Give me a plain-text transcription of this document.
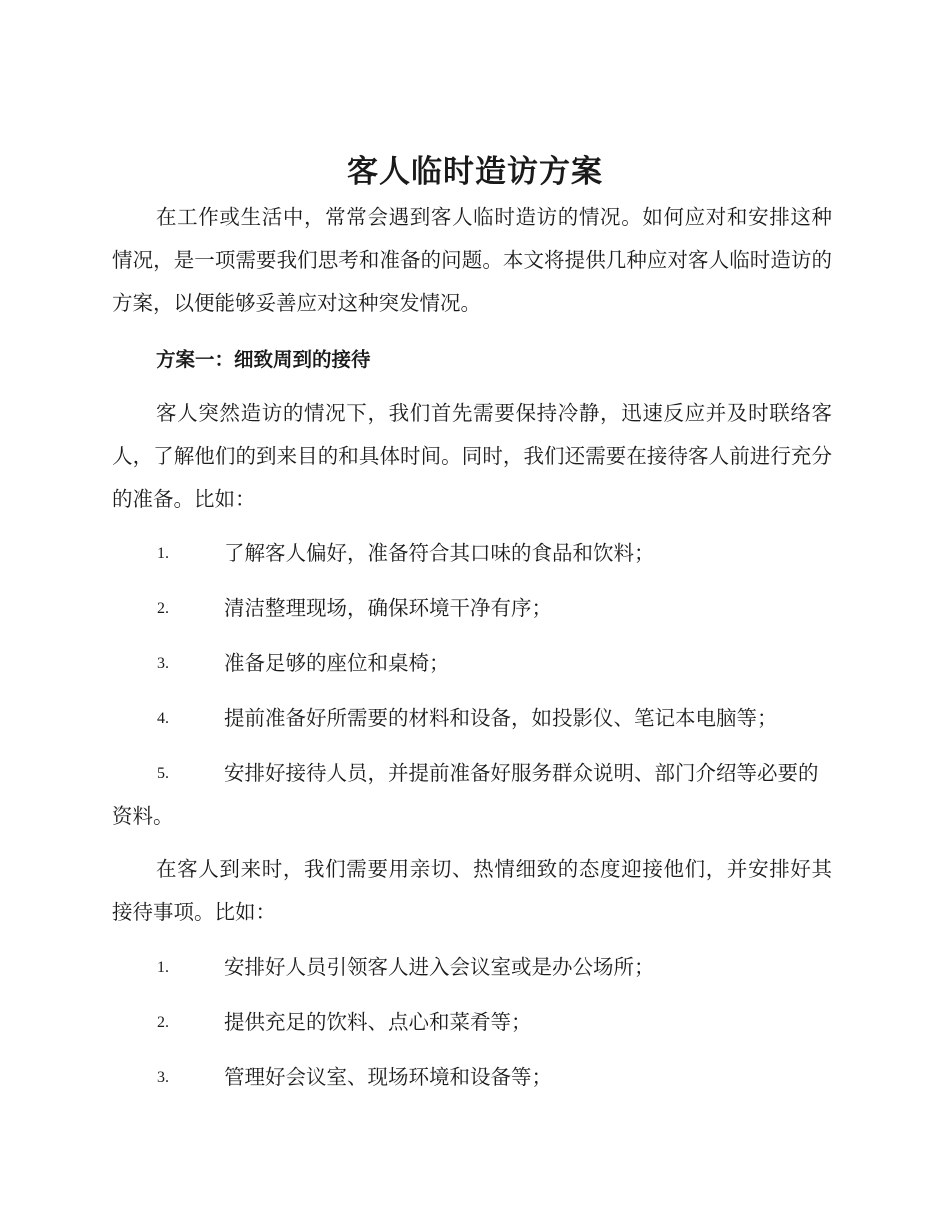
客人临时造访方案

在工作或生活中，常常会遇到客人临时造访的情况。如何应对和安排这种情况，是一项需要我们思考和准备的问题。本文将提供几种应对客人临时造访的方案，以便能够妥善应对这种突发情况。

方案一：细致周到的接待

客人突然造访的情况下，我们首先需要保持冷静，迅速反应并及时联络客人，了解他们的到来目的和具体时间。同时，我们还需要在接待客人前进行充分的准备。比如：

1.	了解客人偏好，准备符合其口味的食品和饮料；
2.	清洁整理现场，确保环境干净有序；
3.	准备足够的座位和桌椅；
4.	提前准备好所需要的材料和设备，如投影仪、笔记本电脑等；
5.	安排好接待人员，并提前准备好服务群众说明、部门介绍等必要的资料。

在客人到来时，我们需要用亲切、热情细致的态度迎接他们，并安排好其接待事项。比如：

1.	安排好人员引领客人进入会议室或是办公场所；
2.	提供充足的饮料、点心和菜肴等；
3.	管理好会议室、现场环境和设备等；
